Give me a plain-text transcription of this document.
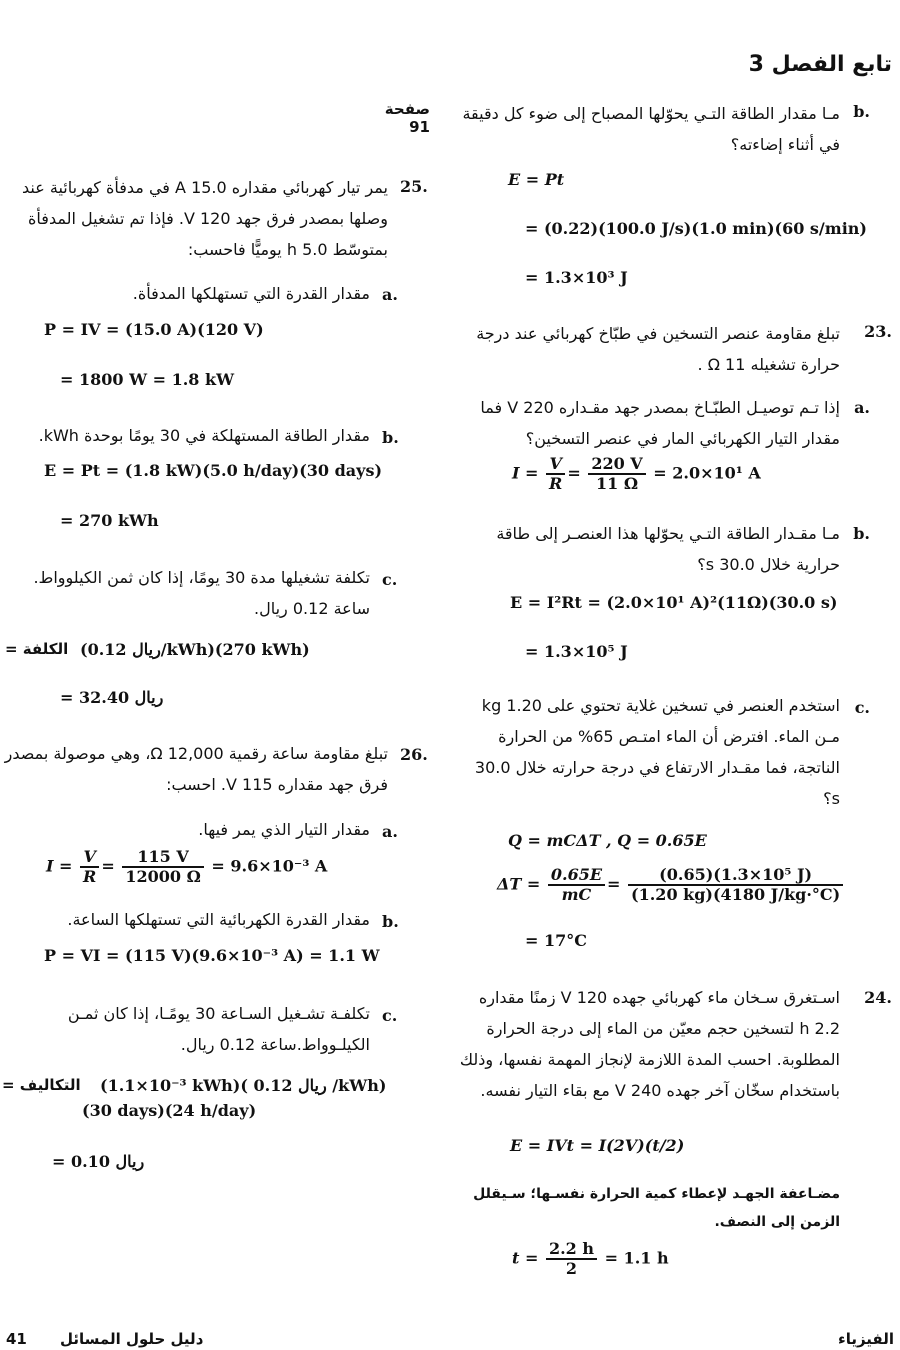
تابع الفصل 3
صفحة 91
b.
مـا مقدار الطاقة التـي يحوّلها المصباح إلى ضوء كل دقيقة في أثناء إضاءته؟
E = Pt
= (0.22)(100.0 J/s)(1.0 min)(60 s/min)
= 1.3×10³ J
23.
تبلغ مقاومة عنصر التسخين في طبّاخ كهربائي عند درجة حرارة تشغيله 11 Ω .
a.
إذا تـم توصيـل الطبّـاخ بمصدر جهد مقـداره 220 V فما مقدار التيار الكهربائي المار في عنصر التسخين؟
$I = \frac{V}{R} = \frac{220 V}{11 \Omega} = 2.0\times 10^1$ A
b.
مـا مقـدار الطاقة التـي يحوّلها هذا العنصـر إلى طاقة حرارية خلال 30.0 s؟
E = I²Rt = (2.0×10¹ A)²(11Ω)(30.0 s)
= 1.3×10⁵ J
c.
استخدم العنصر في تسخين غلاية تحتوي على 1.20 kg مـن الماء. افترض أن الماء امتـص 65% من الحرارة الناتجة، فما مقـدار الارتفاع في درجة حرارته خلال 30.0 s؟
Q = mCΔT , Q = 0.65E
$\Delta T = \frac{0.65E}{mC} = \frac{\text{(0.65)(1.3×10⁵ J)}}{(1.20 kg)(4180 J/kg\cdot^\circ C)}$
= 17°C
24.
اسـتغرق سـخان ماء كهربائي جهده 120 V زمنًا مقداره 2.2 h لتسخين حجم معيّن من الماء إلى درجة الحرارة المطلوبة. احسب المدة اللازمة لإنجاز المهمة نفسها، وذلك باستخدام سخّان آخر جهده 240 V مع بقاء التيار نفسه.
E = IVt = I(2V)(t/2)
مضـاعفة الجهـد لإعطاء كمية الحرارة نفسـها؛ سـيقلل الزمن إلى النصف.
$t = \frac{2.2 h}{2} = 1.1$ h
25.
يمر تيار كهربائي مقداره 15.0 A في مدفأة كهربائية عند وصلها بمصدر فرق جهد 120 V. فإذا تم تشغيل المدفأة بمتوسّط 5.0 h يوميًّا فاحسب:
a.
مقدار القدرة التي تستهلكها المدفأة.
P = IV = (15.0 A)(120 V)
= 1800 W = 1.8 kW
b.
مقدار الطاقة المستهلكة في 30 يومًا بوحدة kWh.
E = Pt = (1.8 kW)(5.0 h/day)(30 days)
= 270 kWh
c.
تكلفة تشغيلها مدة 30 يومًا، إذا كان ثمن الكيلوواط. ساعة 0.12 ريال.
الكلفة = (0.12 ريال/kWh)(270 kWh)
= 32.40 ريال
26.
تبلغ مقاومة ساعة رقمية 12,000 Ω، وهي موصولة بمصدر فرق جهد مقداره 115 V. احسب:
a.
مقدار التيار الذي يمر فيها.
$I = \frac{V}{R} = \frac{115 V}{12000 \Omega} = 9.6\times 10^{-3}$ A
b.
مقدار القدرة الكهربائية التي تستهلكها الساعة.
P = VI = (115 V)(9.6×10⁻³ A) = 1.1 W
c.
تكلفـة تشـغيل السـاعة 30 يومًـا، إذا كان ثمـن الكيلـوواط.ساعة 0.12 ريال.
التكاليف = (1.1×10⁻³ kWh)( 0.12 ريال /kWh)
(30 days)(24 h/day)
= 0.10 ريال
41 دليل حلول المسائل	الفيزياء
